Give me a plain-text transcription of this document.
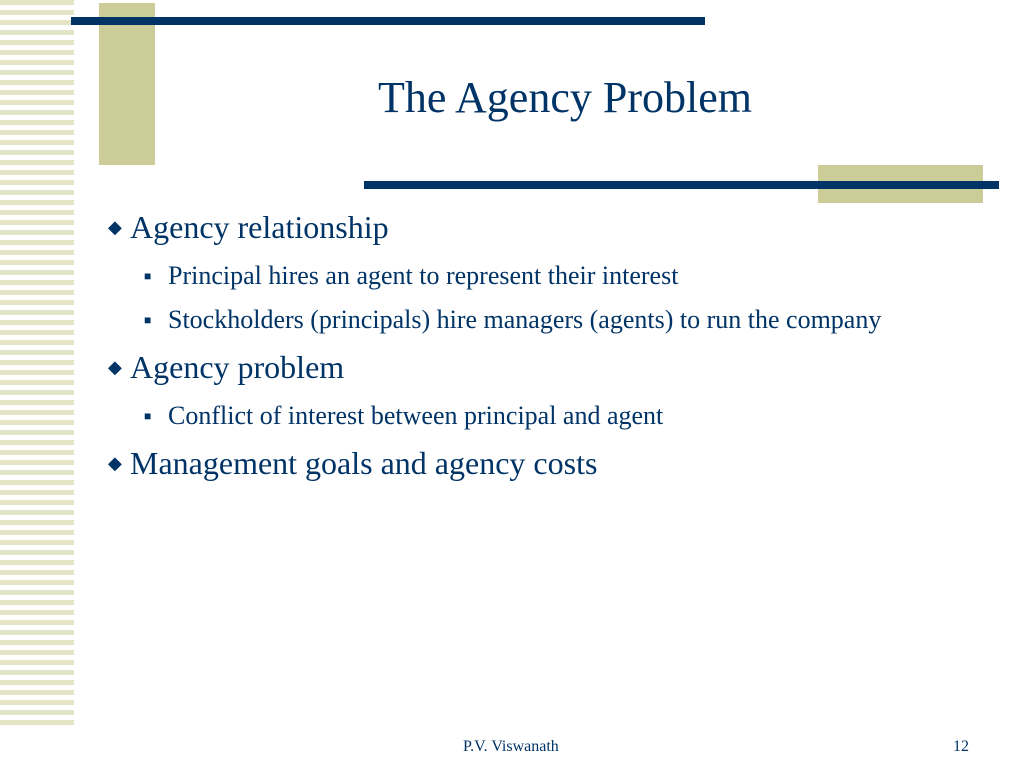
The Agency Problem
◆ Agency relationship
■ Principal hires an agent to represent their interest
■ Stockholders (principals) hire managers (agents) to run the company
◆ Agency problem
■ Conflict of interest between principal and agent
◆ Management goals and agency costs
P.V. Viswanath	12
